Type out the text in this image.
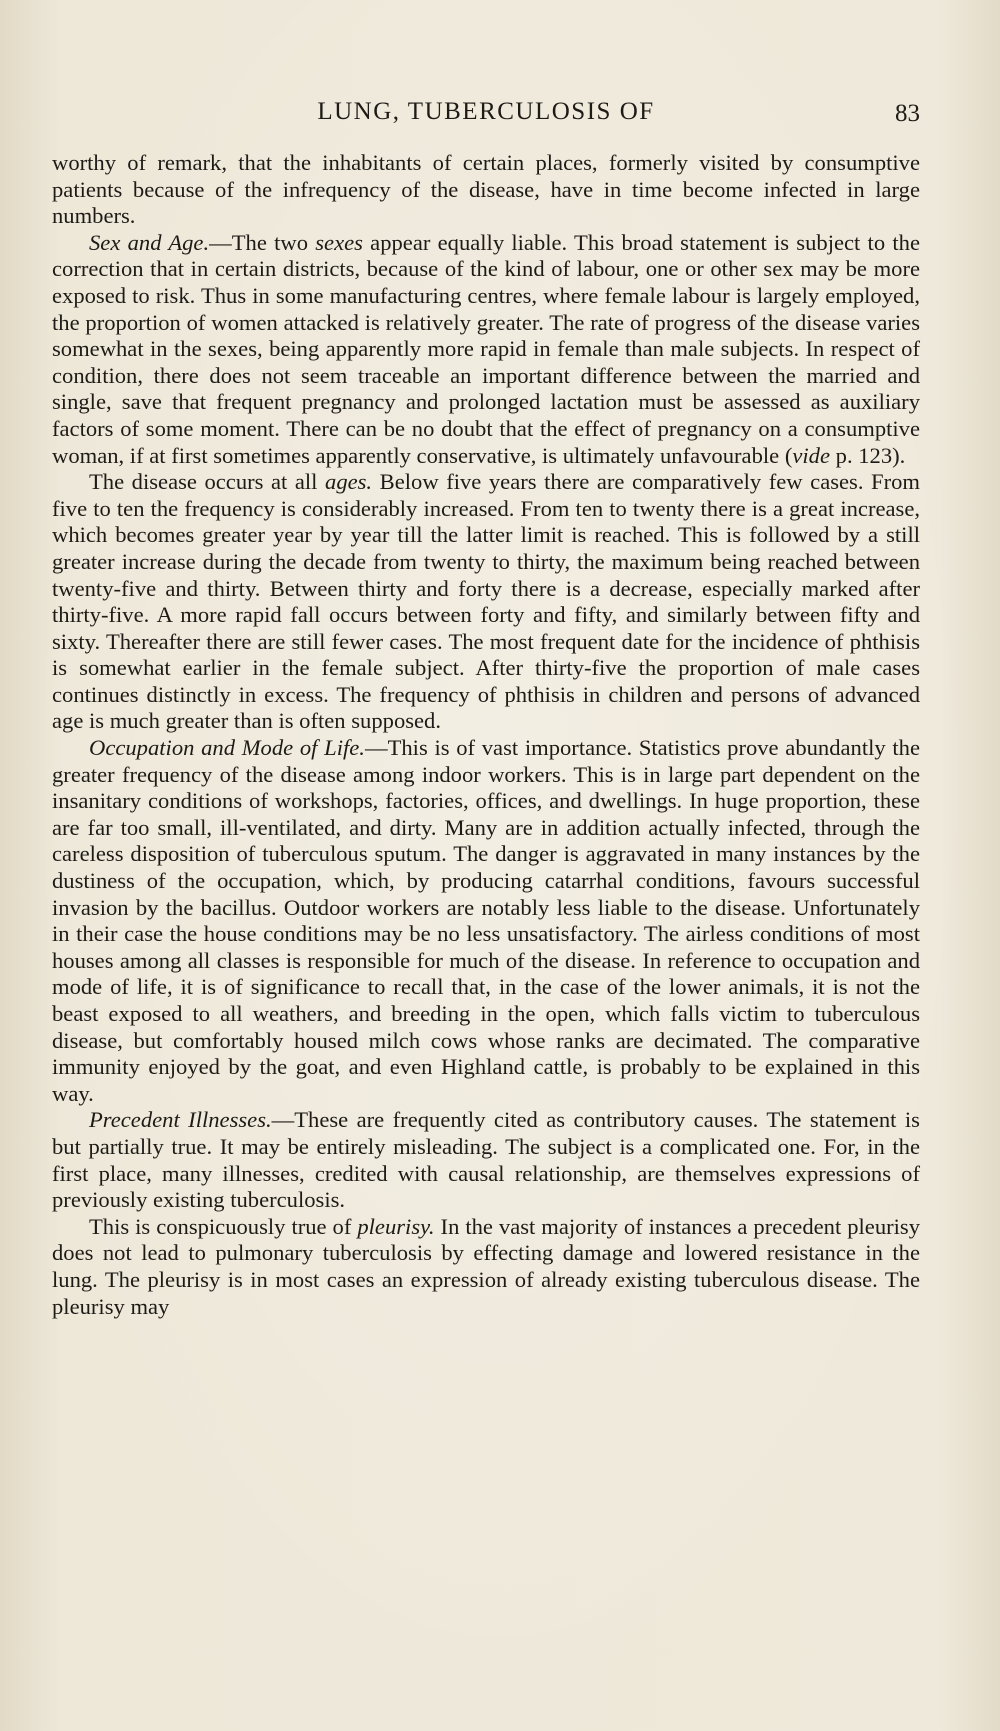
LUNG, TUBERCULOSIS OF	83

worthy of remark, that the inhabitants of certain places, formerly visited by consumptive patients because of the infrequency of the disease, have in time become infected in large numbers.

Sex and Age.—The two sexes appear equally liable. This broad statement is subject to the correction that in certain districts, because of the kind of labour, one or other sex may be more exposed to risk. Thus in some manufacturing centres, where female labour is largely employed, the proportion of women attacked is relatively greater. The rate of progress of the disease varies somewhat in the sexes, being apparently more rapid in female than male subjects. In respect of condition, there does not seem traceable an important difference between the married and single, save that frequent pregnancy and prolonged lactation must be assessed as auxiliary factors of some moment. There can be no doubt that the effect of pregnancy on a consumptive woman, if at first sometimes apparently conservative, is ultimately unfavourable (vide p. 123).

The disease occurs at all ages. Below five years there are comparatively few cases. From five to ten the frequency is considerably increased. From ten to twenty there is a great increase, which becomes greater year by year till the latter limit is reached. This is followed by a still greater increase during the decade from twenty to thirty, the maximum being reached between twenty-five and thirty. Between thirty and forty there is a decrease, especially marked after thirty-five. A more rapid fall occurs between forty and fifty, and similarly between fifty and sixty. Thereafter there are still fewer cases. The most frequent date for the incidence of phthisis is somewhat earlier in the female subject. After thirty-five the proportion of male cases continues distinctly in excess. The frequency of phthisis in children and persons of advanced age is much greater than is often supposed.

Occupation and Mode of Life.—This is of vast importance. Statistics prove abundantly the greater frequency of the disease among indoor workers. This is in large part dependent on the insanitary conditions of workshops, factories, offices, and dwellings. In huge proportion, these are far too small, ill-ventilated, and dirty. Many are in addition actually infected, through the careless disposition of tuberculous sputum. The danger is aggravated in many instances by the dustiness of the occupation, which, by producing catarrhal conditions, favours successful invasion by the bacillus. Outdoor workers are notably less liable to the disease. Unfortunately in their case the house conditions may be no less unsatisfactory. The airless conditions of most houses among all classes is responsible for much of the disease. In reference to occupation and mode of life, it is of significance to recall that, in the case of the lower animals, it is not the beast exposed to all weathers, and breeding in the open, which falls victim to tuberculous disease, but comfortably housed milch cows whose ranks are decimated. The comparative immunity enjoyed by the goat, and even Highland cattle, is probably to be explained in this way.

Precedent Illnesses.—These are frequently cited as contributory causes. The statement is but partially true. It may be entirely misleading. The subject is a complicated one. For, in the first place, many illnesses, credited with causal relationship, are themselves expressions of previously existing tuberculosis.

This is conspicuously true of pleurisy. In the vast majority of instances a precedent pleurisy does not lead to pulmonary tuberculosis by effecting damage and lowered resistance in the lung. The pleurisy is in most cases an expression of already existing tuberculous disease. The pleurisy may
